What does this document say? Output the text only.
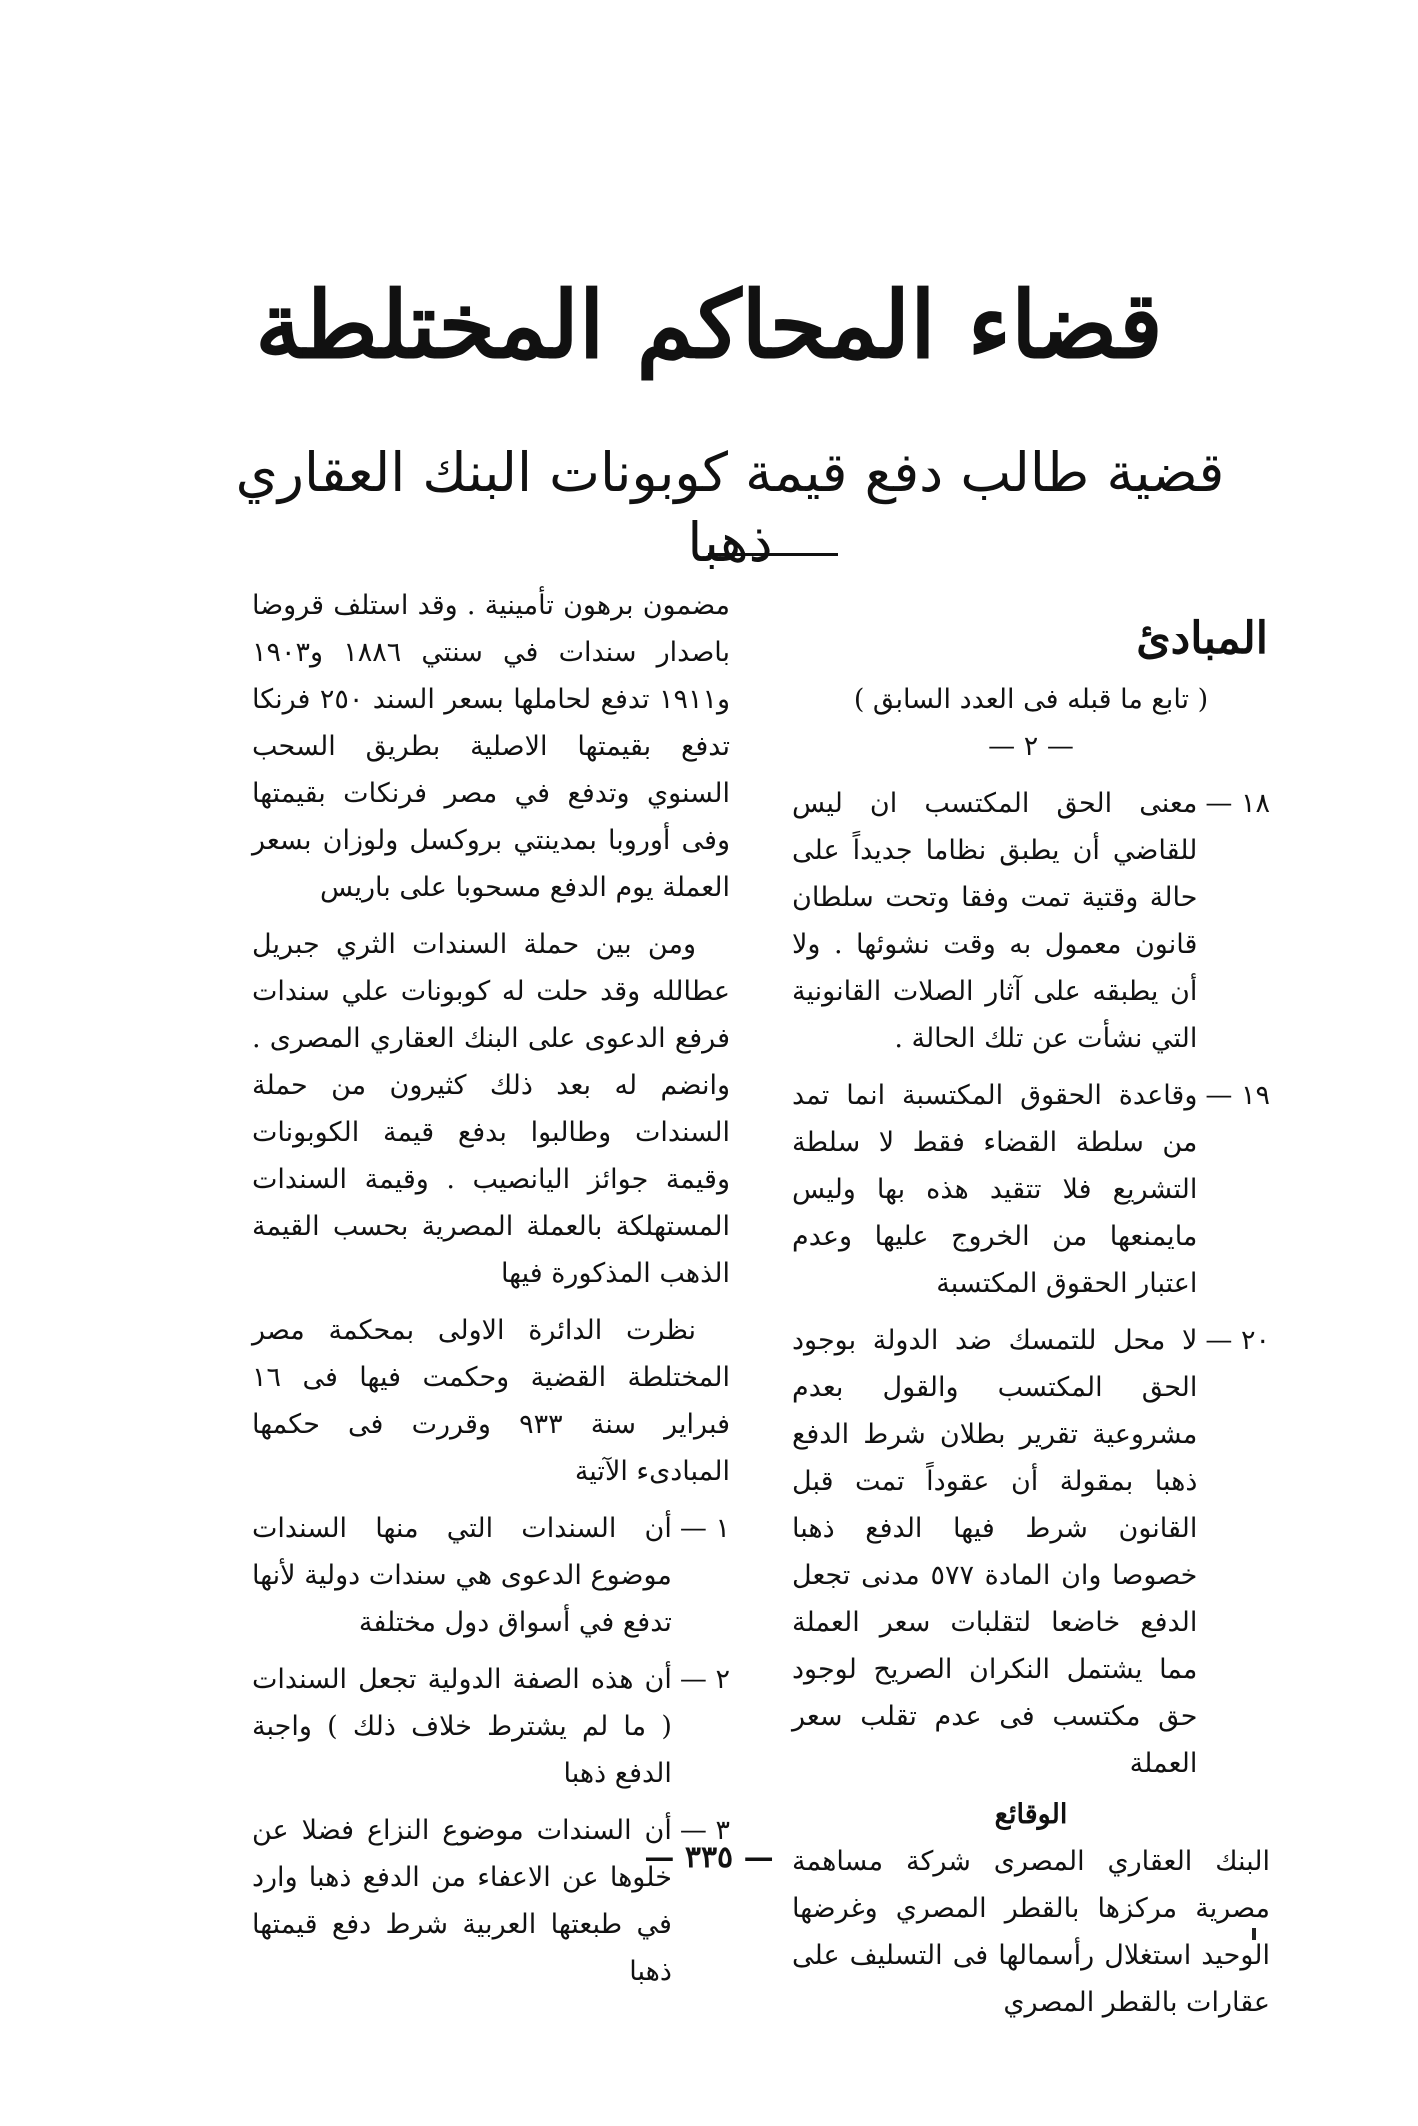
قضاء المحاكم المختلطة
قضية طالب دفع قيمة كوبونات البنك العقاري ذهبا

المبادئ

( تابع ما قبله فى العدد السابق )

— ٢ —

١٨ —
معنى الحق المكتسب ان ليس للقاضي أن يطبق نظاما جديداً على حالة وقتية تمت وفقا وتحت سلطان قانون معمول به وقت نشوئها . ولا أن يطبقه على آثار الصلات القانونية التي نشأت عن تلك الحالة .
١٩ —
وقاعدة الحقوق المكتسبة انما تمد من سلطة القضاء فقط لا سلطة التشريع فلا تتقيد هذه بها وليس مايمنعها من الخروج عليها وعدم اعتبار الحقوق المكتسبة
٢٠ —
لا محل للتمسك ضد الدولة بوجود الحق المكتسب والقول بعدم مشروعية تقرير بطلان شرط الدفع ذهبا بمقولة أن عقوداً تمت قبل القانون شرط فيها الدفع ذهبا خصوصا وان المادة ٥٧٧ مدنى تجعل الدفع خاضعا لتقلبات سعر العملة مما يشتمل النكران الصريح لوجود حق مكتسب فى عدم تقلب سعر العملة

الوقائع

البنك العقاري المصرى شركة مساهمة مصرية مركزها بالقطر المصري وغرضها الوحيد استغلال رأسمالها فى التسليف على عقارات بالقطر المصري

مضمون برهون تأمينية . وقد استلف قروضا باصدار سندات في سنتي ١٨٨٦ و١٩٠٣ و١٩١١ تدفع لحاملها بسعر السند ٢٥٠ فرنكا تدفع بقيمتها الاصلية بطريق السحب السنوي وتدفع في مصر فرنكات بقيمتها وفى أوروبا بمدينتي بروكسل ولوزان بسعر العملة يوم الدفع مسحوبا على باريس

ومن بين حملة السندات الثري جبريل عطالله وقد حلت له كوبونات علي سندات فرفع الدعوى على البنك العقاري المصرى . وانضم له بعد ذلك كثيرون من حملة السندات وطالبوا بدفع قيمة الكوبونات وقيمة جوائز اليانصيب . وقيمة السندات المستهلكة بالعملة المصرية بحسب القيمة الذهب المذكورة فيها

نظرت الدائرة الاولى بمحكمة مصر المختلطة القضية وحكمت فيها فى ١٦ فبراير سنة ٩٣٣ وقررت فى حكمها المبادىء الآتية

١ —
أن السندات التي منها السندات موضوع الدعوى هي سندات دولية لأنها تدفع في أسواق دول مختلفة
٢ —
أن هذه الصفة الدولية تجعل السندات ( ما لم يشترط خلاف ذلك ) واجبة الدفع ذهبا
٣ —
أن السندات موضوع النزاع فضلا عن خلوها عن الاعفاء من الدفع ذهبا وارد في طبعتها العربية شرط دفع قيمتها ذهبا
— ٣٣٥ —
